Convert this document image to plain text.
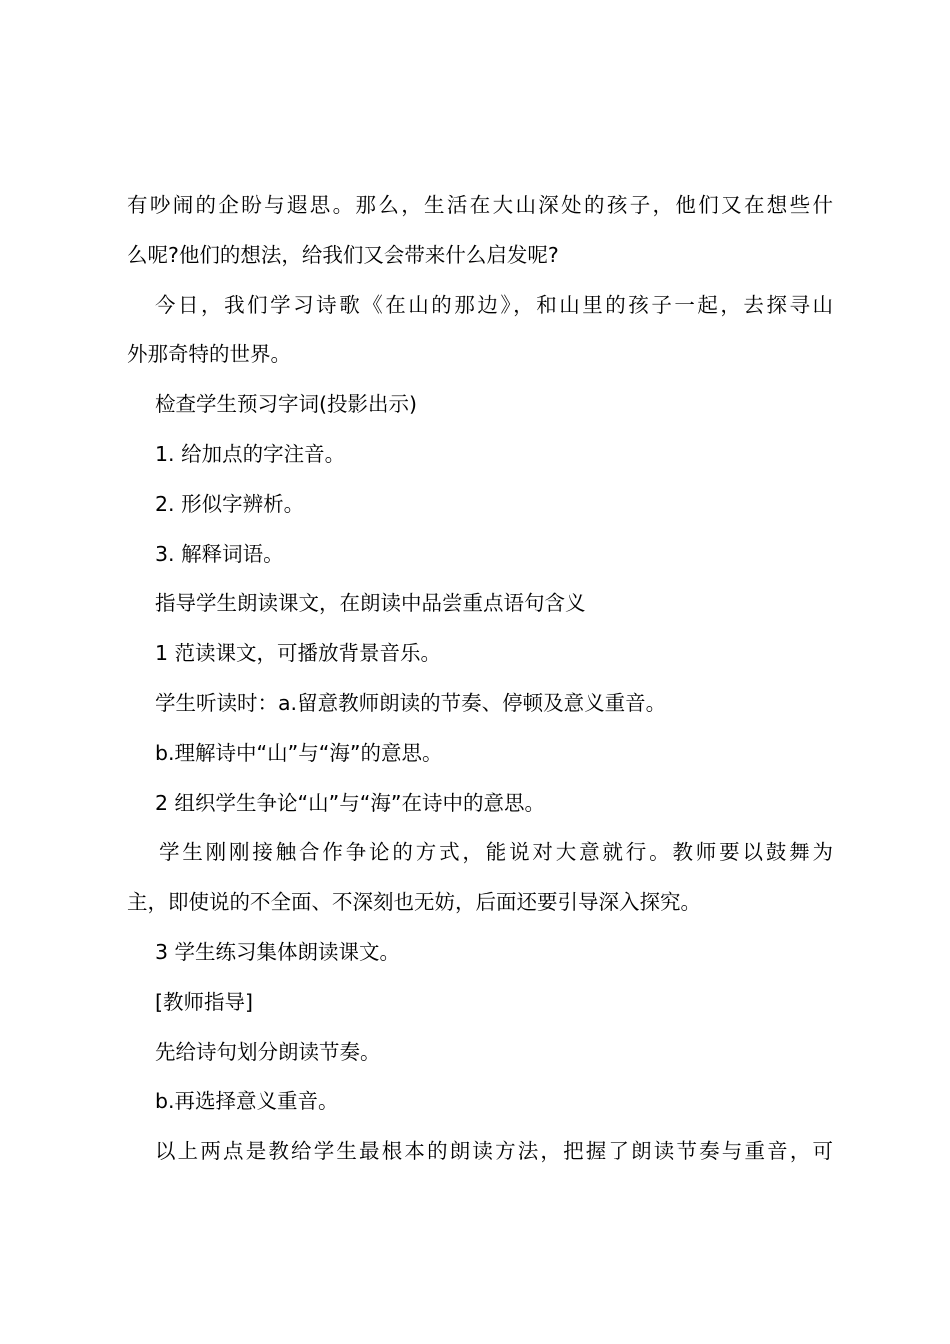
有吵闹的企盼与遐思。那么，生活在大山深处的孩子，他们又在想些什
么呢?他们的想法，给我们又会带来什么启发呢?
今日，我们学习诗歌《在山的那边》，和山里的孩子一起，去探寻山
外那奇特的世界。
检查学生预习字词(投影出示)
1. 给加点的字注音。
2. 形似字辨析。
3. 解释词语。
指导学生朗读课文，在朗读中品尝重点语句含义
1 范读课文，可播放背景音乐。
学生听读时：a.留意教师朗读的节奏、停顿及意义重音。
b.理解诗中“山”与“海”的意思。
2 组织学生争论“山”与“海”在诗中的意思。
学生刚刚接触合作争论的方式，能说对大意就行。教师要以鼓舞为
主，即使说的不全面、不深刻也无妨，后面还要引导深入探究。
3 学生练习集体朗读课文。
[教师指导]
先给诗句划分朗读节奏。
b.再选择意义重音。
以上两点是教给学生最根本的朗读方法，把握了朗读节奏与重音，可
